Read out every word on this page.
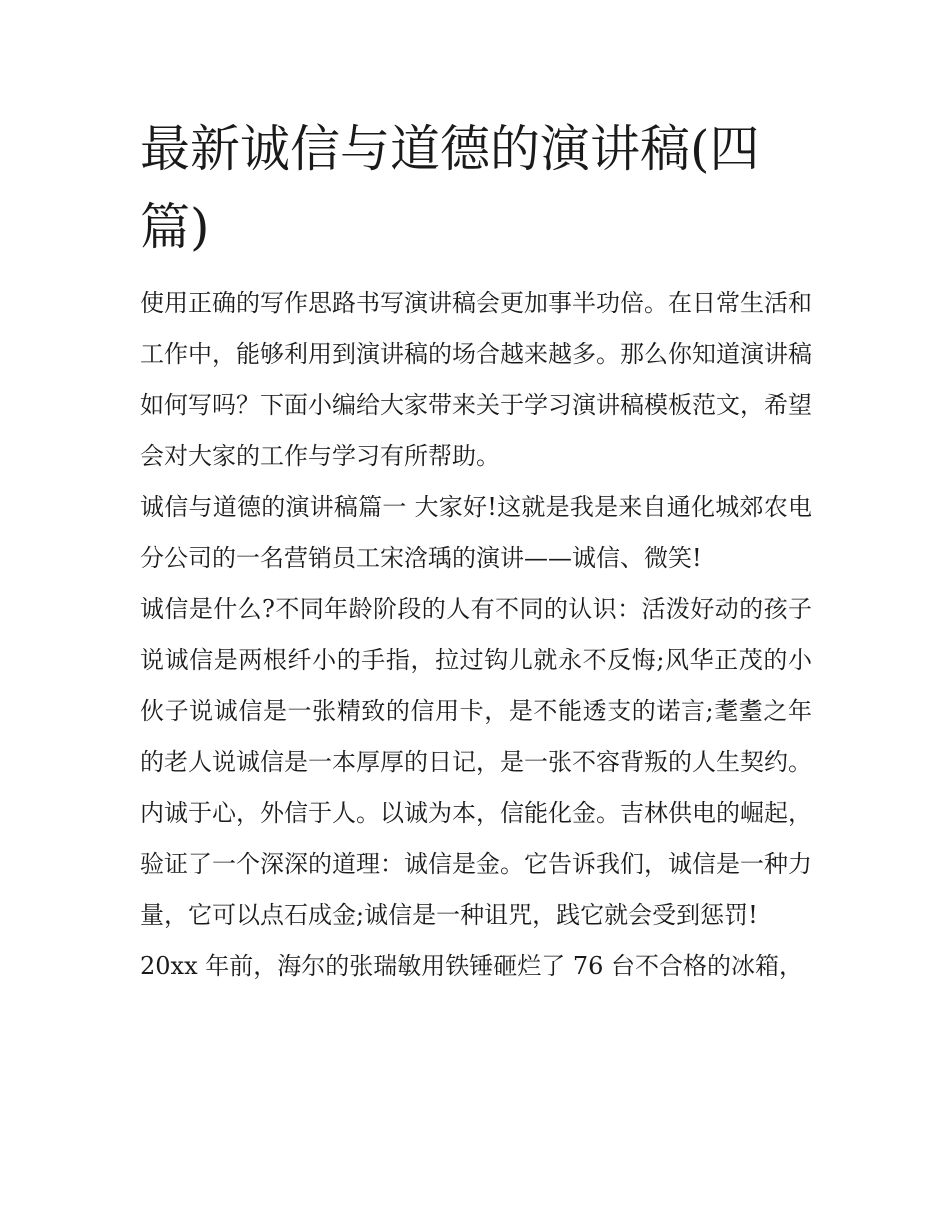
最新诚信与道德的演讲稿(四篇)

使用正确的写作思路书写演讲稿会更加事半功倍。在日常生活和工作中，能够利用到演讲稿的场合越来越多。那么你知道演讲稿如何写吗？下面小编给大家带来关于学习演讲稿模板范文，希望会对大家的工作与学习有所帮助。

诚信与道德的演讲稿篇一 大家好!这就是我是来自通化城郊农电分公司的一名营销员工宋浛瑀的演讲——诚信、微笑!

诚信是什么?不同年龄阶段的人有不同的认识：活泼好动的孩子说诚信是两根纤小的手指，拉过钩儿就永不反悔;风华正茂的小伙子说诚信是一张精致的信用卡，是不能透支的诺言;耄耋之年的老人说诚信是一本厚厚的日记，是一张不容背叛的人生契约。

内诚于心，外信于人。以诚为本，信能化金。吉林供电的崛起，验证了一个深深的道理：诚信是金。它告诉我们，诚信是一种力量，它可以点石成金;诚信是一种诅咒，践它就会受到惩罚!

20xx 年前，海尔的张瑞敏用铁锤砸烂了 76 台不合格的冰箱，
